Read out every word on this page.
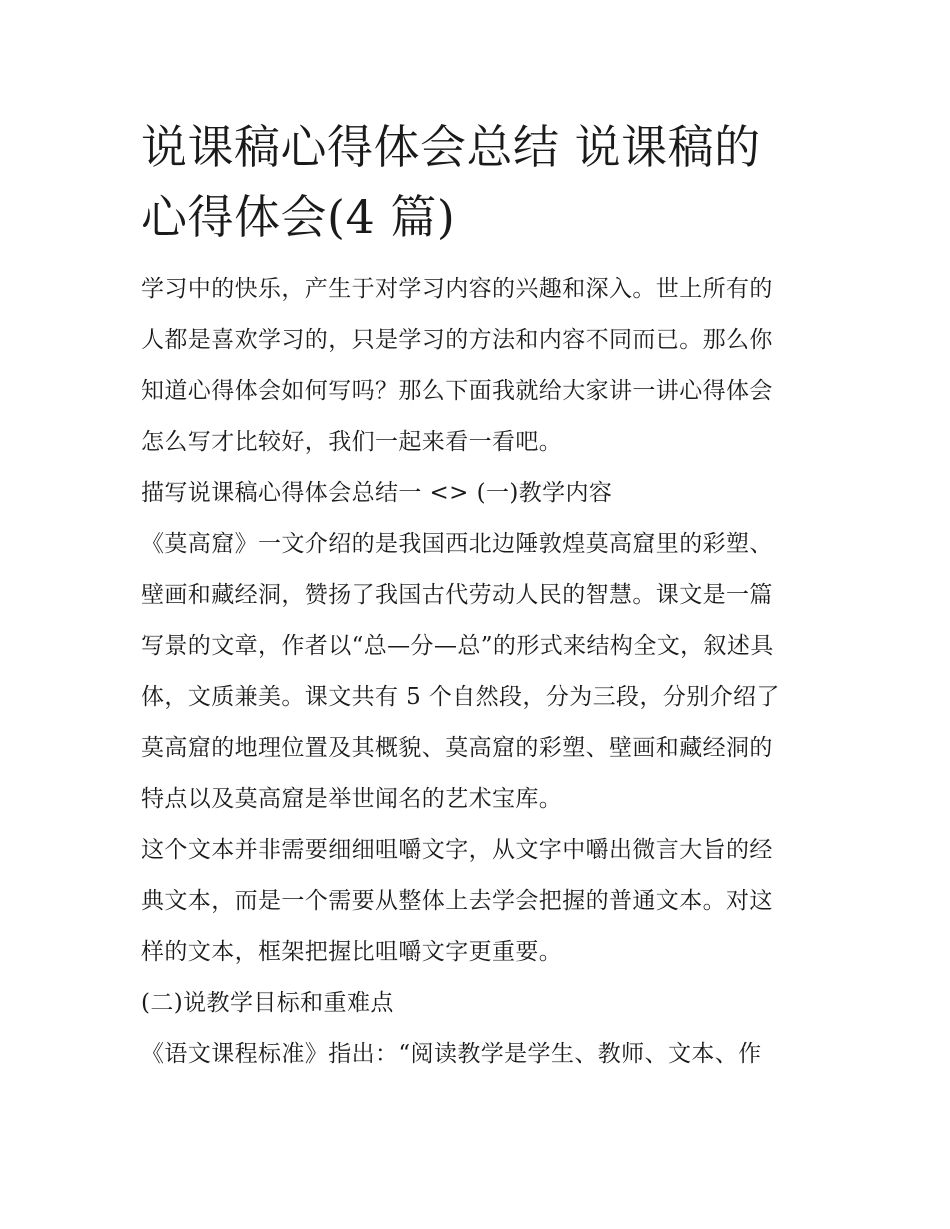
说课稿心得体会总结 说课稿的
心得体会(4 篇)

学习中的快乐，产生于对学习内容的兴趣和深入。世上所有的
人都是喜欢学习的，只是学习的方法和内容不同而已。那么你
知道心得体会如何写吗？那么下面我就给大家讲一讲心得体会
怎么写才比较好，我们一起来看一看吧。

描写说课稿心得体会总结一 <> (一)教学内容

《莫高窟》一文介绍的是我国西北边陲敦煌莫高窟里的彩塑、
壁画和藏经洞，赞扬了我国古代劳动人民的智慧。课文是一篇
写景的文章，作者以“总—分—总”的形式来结构全文，叙述具
体，文质兼美。课文共有 5 个自然段，分为三段，分别介绍了
莫高窟的地理位置及其概貌、莫高窟的彩塑、壁画和藏经洞的
特点以及莫高窟是举世闻名的艺术宝库。

这个文本并非需要细细咀嚼文字，从文字中嚼出微言大旨的经
典文本，而是一个需要从整体上去学会把握的普通文本。对这
样的文本，框架把握比咀嚼文字更重要。

(二)说教学目标和重难点

《语文课程标准》指出：“阅读教学是学生、教师、文本、作
